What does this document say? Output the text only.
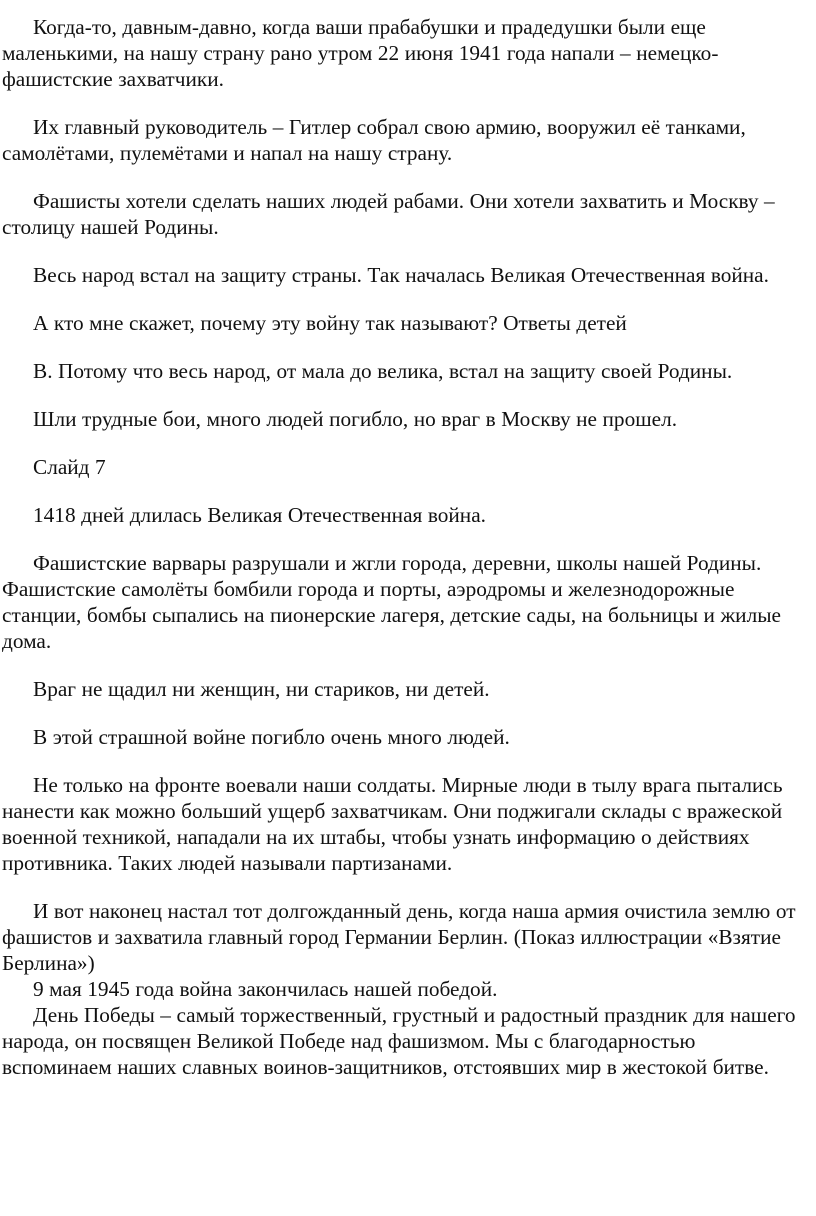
Когда-то, давным-давно, когда ваши прабабушки и прадедушки были еще маленькими, на нашу страну рано утром 22 июня 1941 года напали – немецко-фашистские захватчики.

Их главный руководитель – Гитлер собрал свою армию, вооружил её танками, самолётами, пулемётами и напал на нашу страну.

Фашисты хотели сделать наших людей рабами. Они хотели захватить и Москву – столицу нашей Родины.

Весь народ встал на защиту страны. Так началась Великая Отечественная война.

А кто мне скажет, почему эту войну так называют? Ответы детей

В. Потому что весь народ, от мала до велика, встал на защиту своей Родины.

Шли трудные бои, много людей погибло, но враг в Москву не прошел.

Слайд 7

1418 дней длилась Великая Отечественная война.

Фашистские варвары разрушали и жгли города, деревни, школы нашей Родины. Фашистские самолёты бомбили города и порты, аэродромы и железнодорожные станции, бомбы сыпались на пионерские лагеря, детские сады, на больницы и жилые дома.

Враг не щадил ни женщин, ни стариков, ни детей.

В этой страшной войне погибло очень много людей.

Не только на фронте воевали наши солдаты. Мирные люди в тылу врага пытались нанести как можно больший ущерб захватчикам. Они поджигали склады с вражеской военной техникой, нападали на их штабы, чтобы узнать информацию о действиях противника. Таких людей называли партизанами.

И вот наконец настал тот долгожданный день, когда наша армия очистила землю от фашистов и захватила главный город Германии Берлин. (Показ иллюстрации «Взятие Берлина»)

9 мая 1945 года война закончилась нашей победой.

День Победы – самый торжественный, грустный и радостный праздник для нашего народа, он посвящен Великой Победе над фашизмом. Мы с благодарностью вспоминаем наших славных воинов-защитников, отстоявших мир в жестокой битве.
